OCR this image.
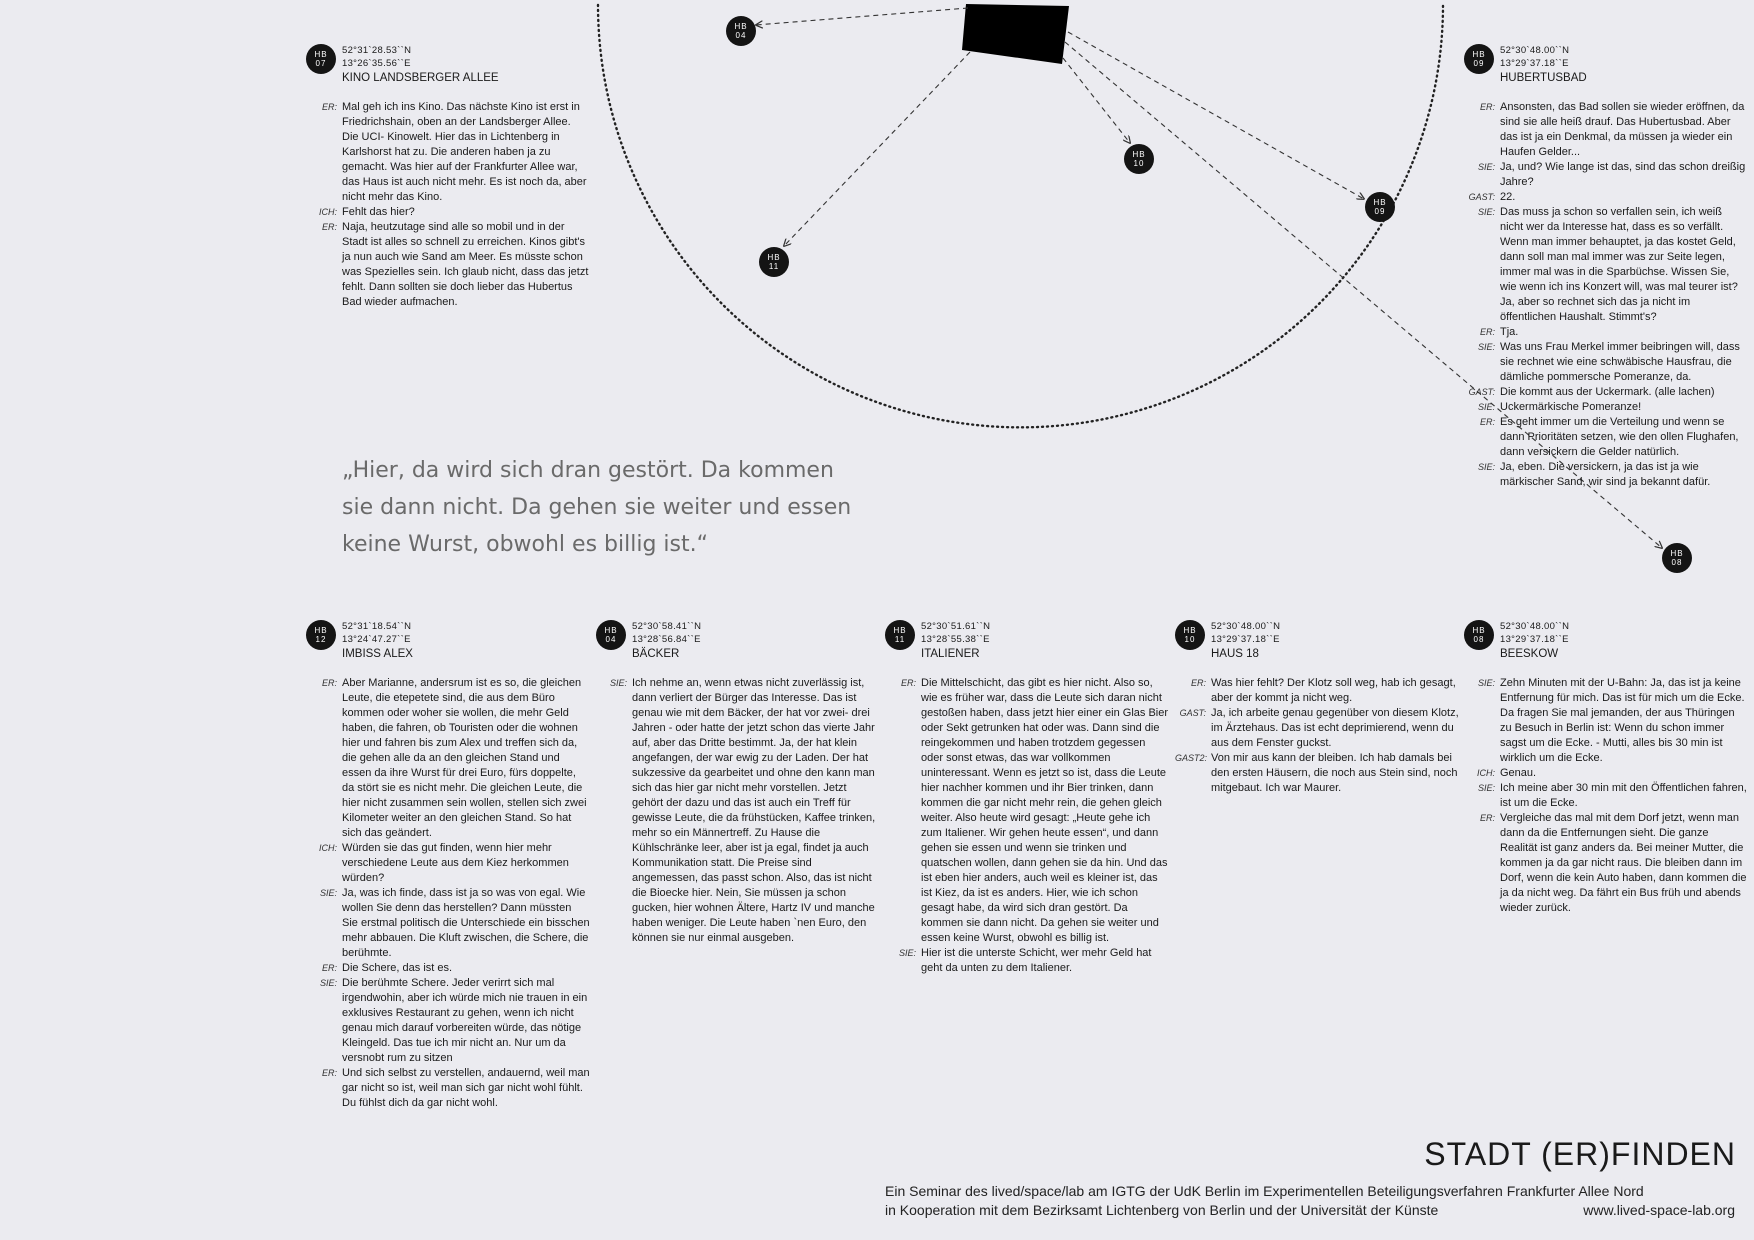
HB
04
HB
10
HB
09
HB
11
HB
08
HB
07
52°31`28.53``N
13°26`35.56``E
KINO LANDSBERGER ALLEE
ER: Mal geh ich ins Kino. Das nächste Kino ist erst in Friedrichshain, oben an der Landsberger Allee. Die UCI- Kinowelt. Hier das in Lichtenberg in Karlshorst hat zu. Die anderen haben ja zu gemacht. Was hier auf der Frankfurter Allee war, das Haus ist auch nicht mehr. Es ist noch da, aber nicht mehr das Kino.
ICH: Fehlt das hier?
ER: Naja, heutzutage sind alle so mobil und in der Stadt ist alles so schnell zu erreichen. Kinos gibt's ja nun auch wie Sand am Meer. Es müsste schon was Spezielles sein. Ich glaub nicht, dass das jetzt fehlt. Dann sollten sie doch lieber das Hubertus Bad wieder aufmachen.
HB
09
52°30`48.00``N
13°29`37.18``E
HUBERTUSBAD
ER: Ansonsten, das Bad sollen sie wieder eröffnen, da sind sie alle heiß drauf. Das Hubertusbad. Aber das ist ja ein Denkmal, da müssen ja wieder ein Haufen Gelder...
SIE: Ja, und? Wie lange ist das, sind das schon dreißig Jahre?
GAST: 22.
SIE: Das muss ja schon so verfallen sein, ich weiß nicht wer da Interesse hat, dass es so verfällt. Wenn man immer behauptet, ja das kostet Geld, dann soll man mal immer was zur Seite legen, immer mal was in die Sparbüchse. Wissen Sie, wie wenn ich ins Konzert will, was mal teurer ist? Ja, aber so rechnet sich das ja nicht im öffentlichen Haushalt. Stimmt's?
ER: Tja.
SIE: Was uns Frau Merkel immer beibringen will, dass sie rechnet wie eine schwäbische Hausfrau, die dämliche pommersche Pomeranze, da.
GAST: Die kommt aus der Uckermark. (alle lachen)
SIE: Uckermärkische Pomeranze!
ER: Es geht immer um die Verteilung und wenn se dann Prioritäten setzen, wie den ollen Flughafen, dann versickern die Gelder natürlich.
SIE: Ja, eben. Die versickern, ja das ist ja wie märkischer Sand, wir sind ja bekannt dafür.
HB
12
52°31`18.54``N
13°24`47.27``E
IMBISS ALEX
ER: Aber Marianne, andersrum ist es so, die gleichen Leute, die etepetete sind, die aus dem Büro kommen oder woher sie wollen, die mehr Geld haben, die fahren, ob Touristen oder die wohnen hier und fahren bis zum Alex und treffen sich da, die gehen alle da an den gleichen Stand und essen da ihre Wurst für drei Euro, fürs doppelte, da stört sie es nicht mehr. Die gleichen Leute, die hier nicht zusammen sein wollen, stellen sich zwei Kilometer weiter an den gleichen Stand. So hat sich das geändert.
ICH: Würden sie das gut finden, wenn hier mehr verschiedene Leute aus dem Kiez herkommen würden?
SIE: Ja, was ich finde, dass ist ja so was von egal. Wie wollen Sie denn das herstellen? Dann müssten Sie erstmal politisch die Unterschiede ein bisschen mehr abbauen. Die Kluft zwischen, die Schere, die berühmte.
ER: Die Schere, das ist es.
SIE: Die berühmte Schere. Jeder verirrt sich mal irgendwohin, aber ich würde mich nie trauen in ein exklusives Restaurant zu gehen, wenn ich nicht genau mich darauf vorbereiten würde, das nötige Kleingeld. Das tue ich mir nicht an. Nur um da versnobt rum zu sitzen
ER: Und sich selbst zu verstellen, andauernd, weil man gar nicht so ist, weil man sich gar nicht wohl fühlt. Du fühlst dich da gar nicht wohl.
HB
04
52°30`58.41``N
13°28`56.84``E
BÄCKER
SIE: Ich nehme an, wenn etwas nicht zuverlässig ist, dann verliert der Bürger das Interesse. Das ist genau wie mit dem Bäcker, der hat vor zwei- drei Jahren - oder hatte der jetzt schon das vierte Jahr auf, aber das Dritte bestimmt. Ja, der hat klein angefangen, der war ewig zu der Laden. Der hat sukzessive da gearbeitet und ohne den kann man sich das hier gar nicht mehr vorstellen. Jetzt gehört der dazu und das ist auch ein Treff für gewisse Leute, die da frühstücken, Kaffee trinken, mehr so ein Männertreff. Zu Hause die Kühlschränke leer, aber ist ja egal, findet ja auch Kommunikation statt. Die Preise sind angemessen, das passt schon. Also, das ist nicht die Bioecke hier. Nein, Sie müssen ja schon gucken, hier wohnen Ältere, Hartz IV und manche haben weniger. Die Leute haben `nen Euro, den können sie nur einmal ausgeben.
HB
11
52°30`51.61``N
13°28`55.38``E
ITALIENER
ER: Die Mittelschicht, das gibt es hier nicht. Also so, wie es früher war, dass die Leute sich daran nicht gestoßen haben, dass jetzt hier einer ein Glas Bier oder Sekt getrunken hat oder was. Dann sind die reingekommen und haben trotzdem gegessen oder sonst etwas, das war vollkommen uninteressant. Wenn es jetzt so ist, dass die Leute hier nachher kommen und ihr Bier trinken, dann kommen die gar nicht mehr rein, die gehen gleich weiter. Also heute wird gesagt: „Heute gehe ich zum Italiener. Wir gehen heute essen“, und dann gehen sie essen und wenn sie trinken und quatschen wollen, dann gehen sie da hin. Und das ist eben hier anders, auch weil es kleiner ist, das ist Kiez, da ist es anders. Hier, wie ich schon gesagt habe, da wird sich dran gestört. Da kommen sie dann nicht. Da gehen sie weiter und essen keine Wurst, obwohl es billig ist.
SIE: Hier ist die unterste Schicht, wer mehr Geld hat geht da unten zu dem Italiener.
HB
10
52°30`48.00``N
13°29`37.18``E
HAUS 18
ER: Was hier fehlt? Der Klotz soll weg, hab ich gesagt, aber der kommt ja nicht weg.
GAST: Ja, ich arbeite genau gegenüber von diesem Klotz, im Ärztehaus. Das ist echt deprimierend, wenn du aus dem Fenster guckst.
GAST2: Von mir aus kann der bleiben. Ich hab damals bei den ersten Häusern, die noch aus Stein sind, noch mitgebaut. Ich war Maurer.
HB
08
52°30`48.00``N
13°29`37.18``E
BEESKOW
SIE: Zehn Minuten mit der U-Bahn: Ja, das ist ja keine Entfernung für mich. Das ist für mich um die Ecke. Da fragen Sie mal jemanden, der aus Thüringen zu Besuch in Berlin ist: Wenn du schon immer sagst um die Ecke. - Mutti, alles bis 30 min ist wirklich um die Ecke.
ICH: Genau.
SIE: Ich meine aber 30 min mit den Öffentlichen fahren, ist um die Ecke.
ER: Vergleiche das mal mit dem Dorf jetzt, wenn man dann da die Entfernungen sieht. Die ganze Realität ist ganz anders da. Bei meiner Mutter, die kommen ja da gar nicht raus. Die bleiben dann im Dorf, wenn die kein Auto haben, dann kommen die ja da nicht weg. Da fährt ein Bus früh und abends wieder zurück.
„Hier, da wird sich dran gestört. Da kommen sie dann nicht. Da gehen sie weiter und essen keine Wurst, obwohl es billig ist.“
STADT (ER)FINDEN
Ein Seminar des lived/space/lab am IGTG der UdK Berlin im Experimentellen Beteiligungsverfahren Frankfurter Allee Nord
in Kooperation mit dem Bezirksamt Lichtenberg von Berlin und der Universität der Künste	www.lived-space-lab.org
